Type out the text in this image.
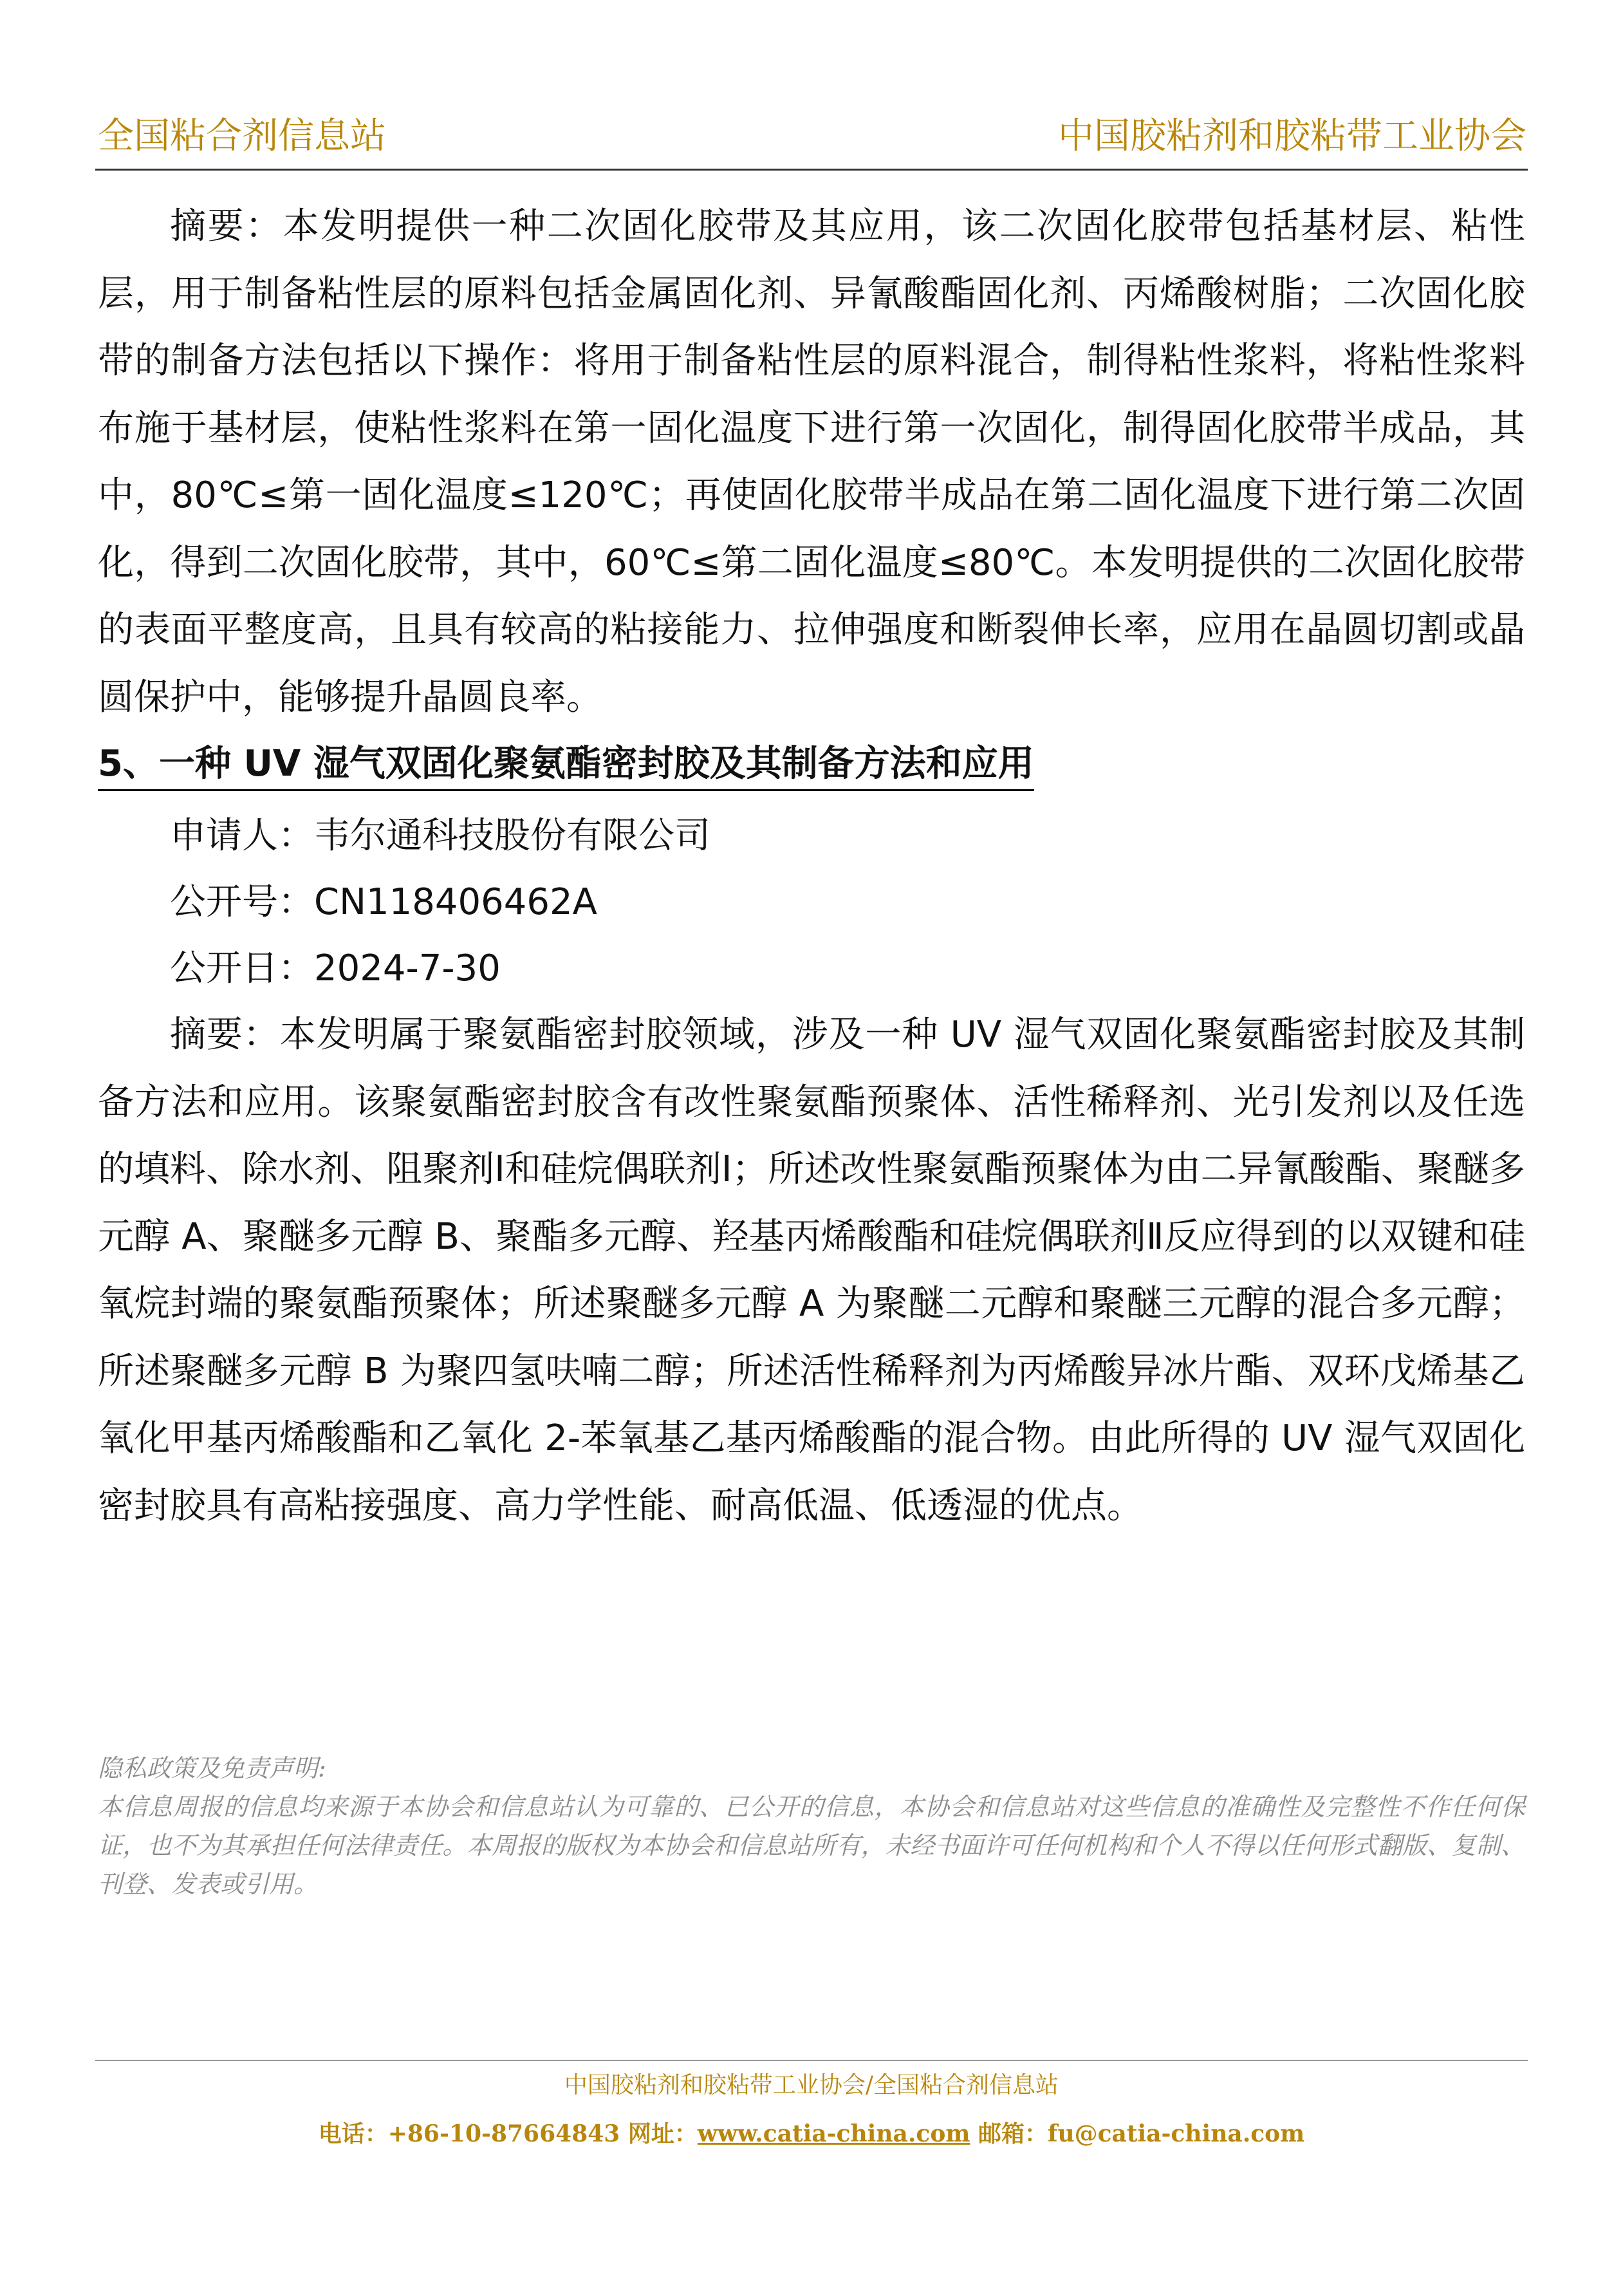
全国粘合剂信息站	中国胶粘剂和胶粘带工业协会

摘要：本发明提供一种二次固化胶带及其应用，该二次固化胶带包括基材层、粘性层，用于制备粘性层的原料包括金属固化剂、异氰酸酯固化剂、丙烯酸树脂；二次固化胶带的制备方法包括以下操作：将用于制备粘性层的原料混合，制得粘性浆料，将粘性浆料布施于基材层，使粘性浆料在第一固化温度下进行第一次固化，制得固化胶带半成品，其中，80℃≤第一固化温度≤120℃；再使固化胶带半成品在第二固化温度下进行第二次固化，得到二次固化胶带，其中，60℃≤第二固化温度≤80℃。本发明提供的二次固化胶带的表面平整度高，且具有较高的粘接能力、拉伸强度和断裂伸长率，应用在晶圆切割或晶圆保护中，能够提升晶圆良率。

5、一种 UV 湿气双固化聚氨酯密封胶及其制备方法和应用
申请人：韦尔通科技股份有限公司
公开号：CN118406462A
公开日：2024-7-30

摘要：本发明属于聚氨酯密封胶领域，涉及一种 UV 湿气双固化聚氨酯密封胶及其制备方法和应用。该聚氨酯密封胶含有改性聚氨酯预聚体、活性稀释剂、光引发剂以及任选的填料、除水剂、阻聚剂Ⅰ和硅烷偶联剂Ⅰ；所述改性聚氨酯预聚体为由二异氰酸酯、聚醚多元醇 A、聚醚多元醇 B、聚酯多元醇、羟基丙烯酸酯和硅烷偶联剂Ⅱ反应得到的以双键和硅氧烷封端的聚氨酯预聚体；所述聚醚多元醇 A 为聚醚二元醇和聚醚三元醇的混合多元醇；所述聚醚多元醇 B 为聚四氢呋喃二醇；所述活性稀释剂为丙烯酸异冰片酯、双环戊烯基乙氧化甲基丙烯酸酯和乙氧化 2-苯氧基乙基丙烯酸酯的混合物。由此所得的 UV 湿气双固化密封胶具有高粘接强度、高力学性能、耐高低温、低透湿的优点。

隐私政策及免责声明:

本信息周报的信息均来源于本协会和信息站认为可靠的、已公开的信息，本协会和信息站对这些信息的准确性及完整性不作任何保证，也不为其承担任何法律责任。本周报的版权为本协会和信息站所有，未经书面许可任何机构和个人不得以任何形式翻版、复制、刊登、发表或引用。

中国胶粘剂和胶粘带工业协会/全国粘合剂信息站
电话：+86-10-87664843 网址：www.catia-china.com 邮箱：fu@catia-china.com
